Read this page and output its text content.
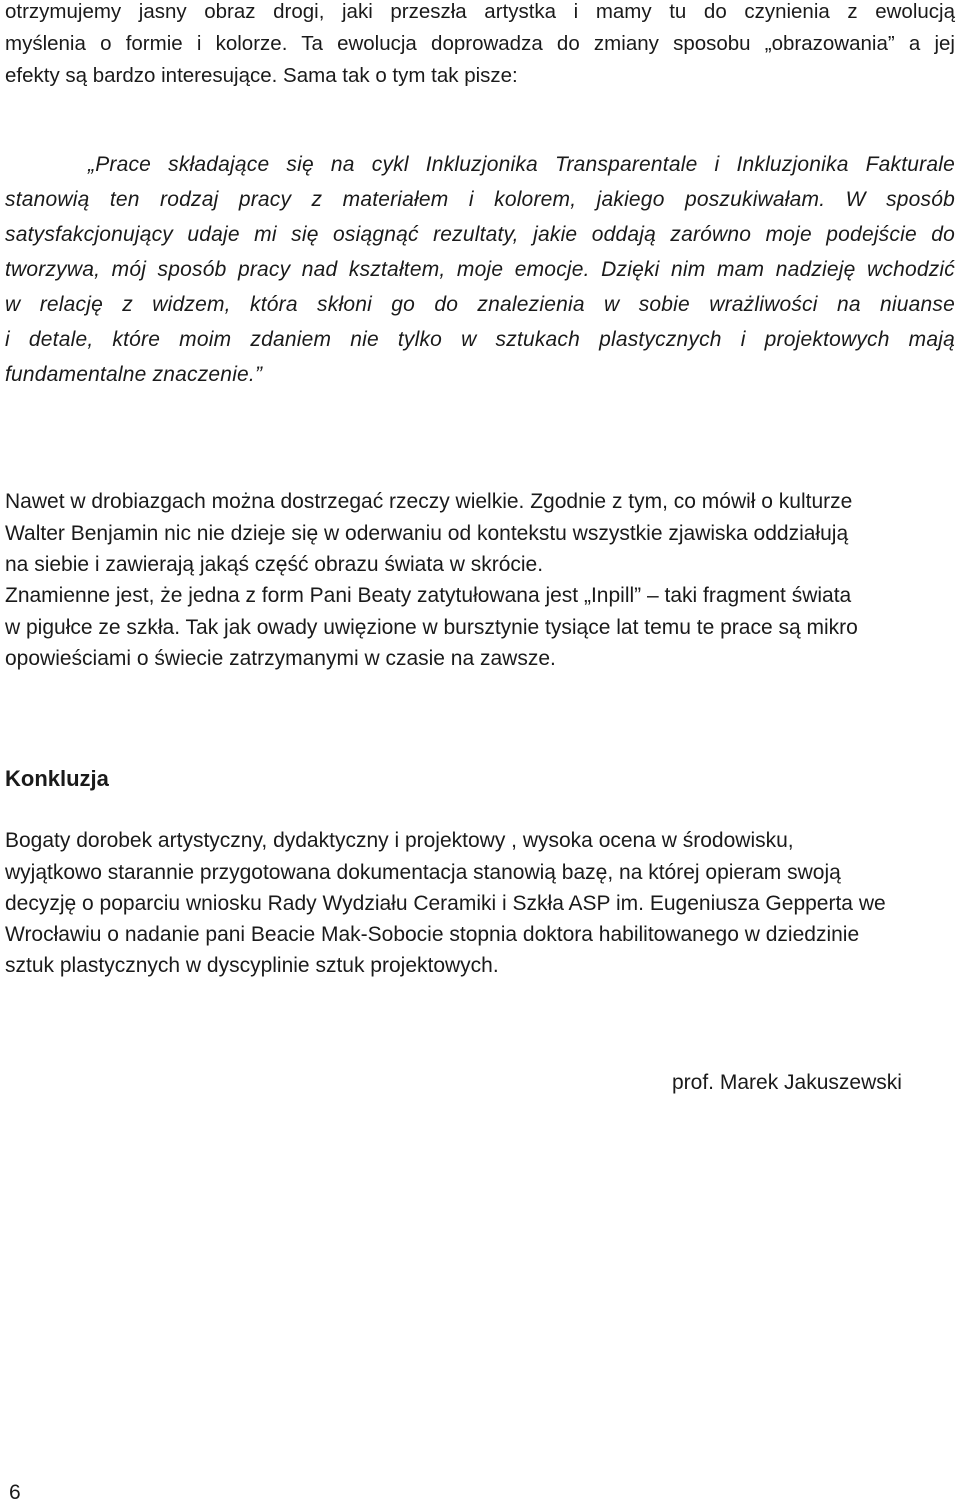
otrzymujemy jasny obraz drogi, jaki przeszła artystka i mamy tu do czynienia z ewolucją
myślenia o formie i kolorze. Ta ewolucja doprowadza do zmiany sposobu „obrazowania” a jej
efekty są bardzo interesujące. Sama tak o tym tak pisze:
„Prace składające się na cykl Inkluzjonika Transparentale i Inkluzjonika Fakturale
stanowią ten rodzaj pracy z materiałem i kolorem, jakiego poszukiwałam. W sposób
satysfakcjonujący udaje mi się osiągnąć rezultaty, jakie oddają zarówno moje podejście do
tworzywa, mój sposób pracy nad kształtem, moje emocje. Dzięki nim mam nadzieję wchodzić
w relację z widzem, która skłoni go do znalezienia w sobie wrażliwości na niuanse
i detale, które moim zdaniem nie tylko w sztukach plastycznych i projektowych mają
fundamentalne znaczenie.”
Nawet w drobiazgach można dostrzegać rzeczy wielkie. Zgodnie z tym, co mówił o kulturze
Walter Benjamin nic nie dzieje się w oderwaniu od kontekstu wszystkie zjawiska oddziałują
na siebie i zawierają jakąś część obrazu świata w skrócie.
Znamienne jest, że jedna z form Pani Beaty zatytułowana jest „Inpill” – taki fragment świata
w pigułce ze szkła. Tak jak owady uwięzione w bursztynie tysiące lat temu te prace są mikro
opowieściami o świecie zatrzymanymi w czasie na zawsze.
Konkluzja
Bogaty dorobek artystyczny, dydaktyczny i projektowy , wysoka ocena w środowisku,
wyjątkowo starannie przygotowana dokumentacja stanowią bazę, na której opieram swoją
decyzję o poparciu wniosku Rady Wydziału Ceramiki i Szkła ASP im. Eugeniusza Gepperta we
Wrocławiu o nadanie pani Beacie Mak-Sobocie stopnia doktora habilitowanego w dziedzinie
sztuk plastycznych w dyscyplinie sztuk projektowych.
prof. Marek Jakuszewski
6
